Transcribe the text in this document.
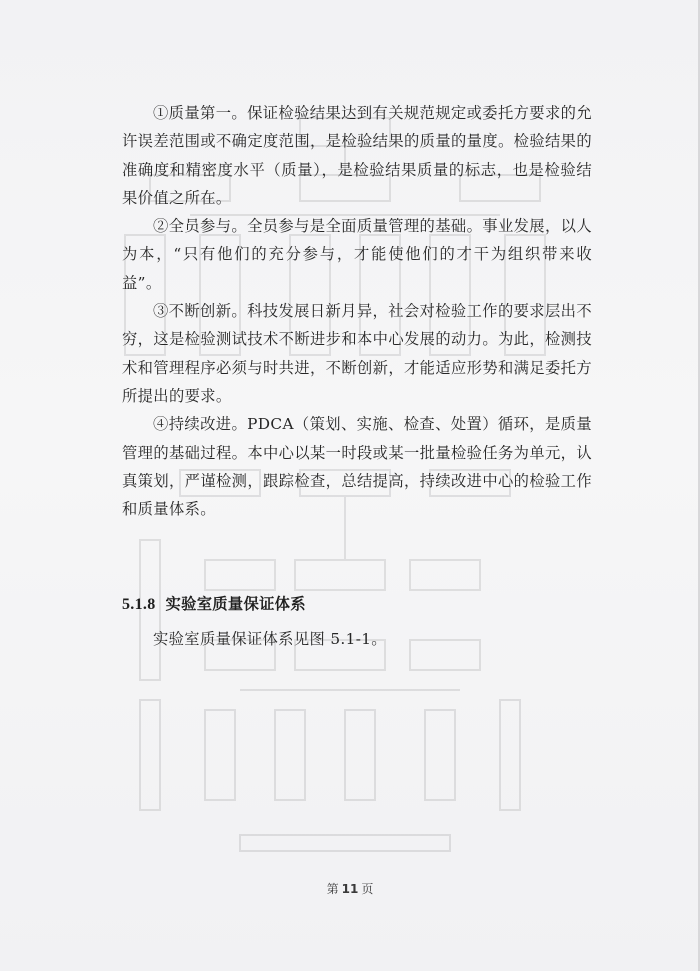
①质量第一。保证检验结果达到有关规范规定或委托方要求的允许误差范围或不确定度范围，是检验结果的质量的量度。检验结果的准确度和精密度水平（质量），是检验结果质量的标志，也是检验结果价值之所在。

②全员参与。全员参与是全面质量管理的基础。事业发展，以人为本，“只有他们的充分参与，才能使他们的才干为组织带来收益”。

③不断创新。科技发展日新月异，社会对检验工作的要求层出不穷，这是检验测试技术不断进步和本中心发展的动力。为此，检测技术和管理程序必须与时共进，不断创新，才能适应形势和满足委托方所提出的要求。

④持续改进。PDCA（策划、实施、检查、处置）循环，是质量管理的基础过程。本中心以某一时段或某一批量检验任务为单元，认真策划，严谨检测，跟踪检查，总结提高，持续改进中心的检验工作和质量体系。

5.1.8 实验室质量保证体系
实验室质量保证体系见图 5.1-1。
第 11 页
